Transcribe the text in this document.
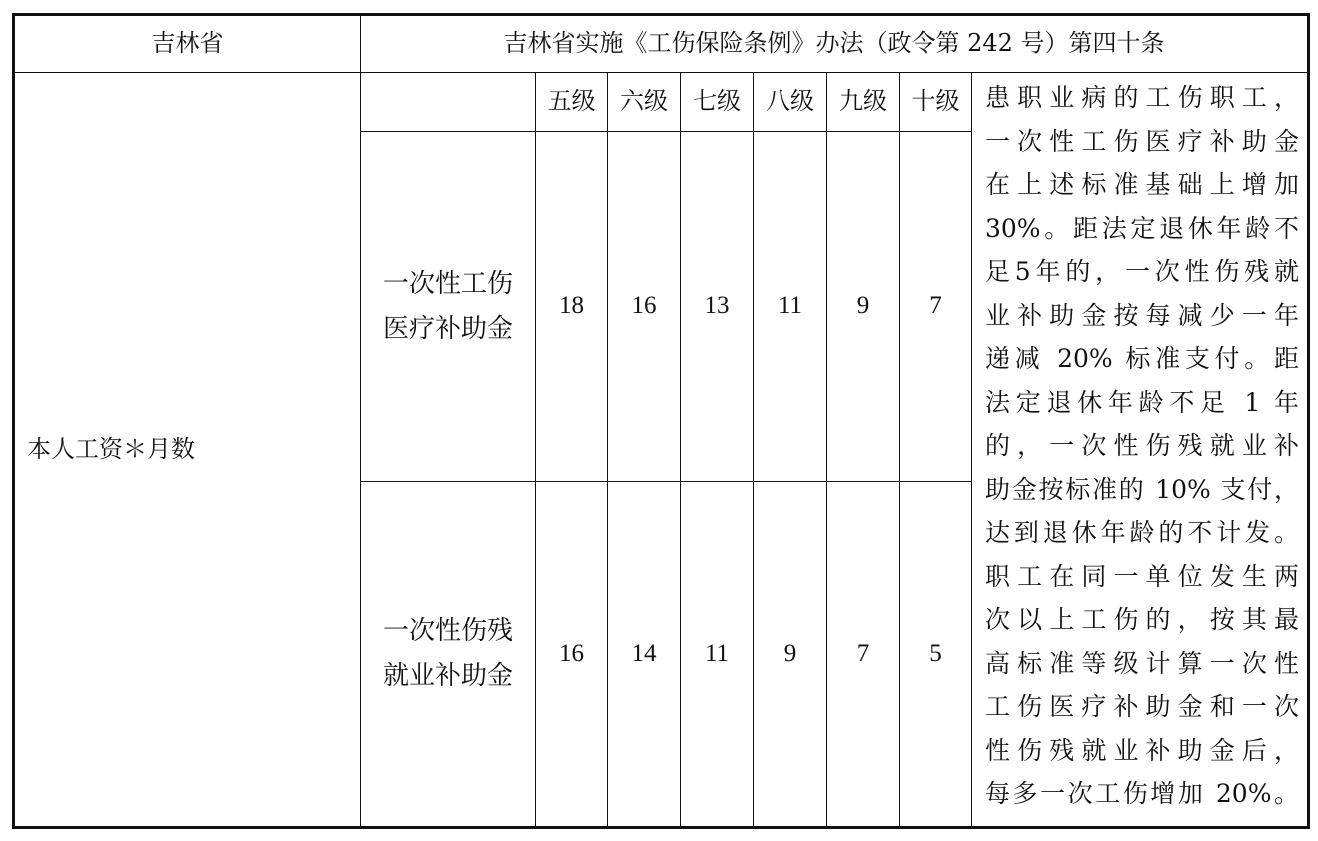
吉林省	吉林省实施《工伤保险条例》办法（政令第 242 号）第四十条
本人工资＊月数
五级 六级 七级 八级 九级 十级
一次性工伤
医疗补助金
18 16 13 11 9 7
一次性伤残
就业补助金
16 14 11 9 7 5
患职业病的工伤职工，
一次性工伤医疗补助金
在上述标准基础上增加
30%。距法定退休年龄不
足5年的，一次性伤残就
业补助金按每减少一年
递减 20% 标准支付。距
法定退休年龄不足 1 年
的，一次性伤残就业补
助金按标准的 10% 支付，
达到退休年龄的不计发。
职工在同一单位发生两
次以上工伤的，按其最
高标准等级计算一次性
工伤医疗补助金和一次
性伤残就业补助金后，
每多一次工伤增加 20%。
